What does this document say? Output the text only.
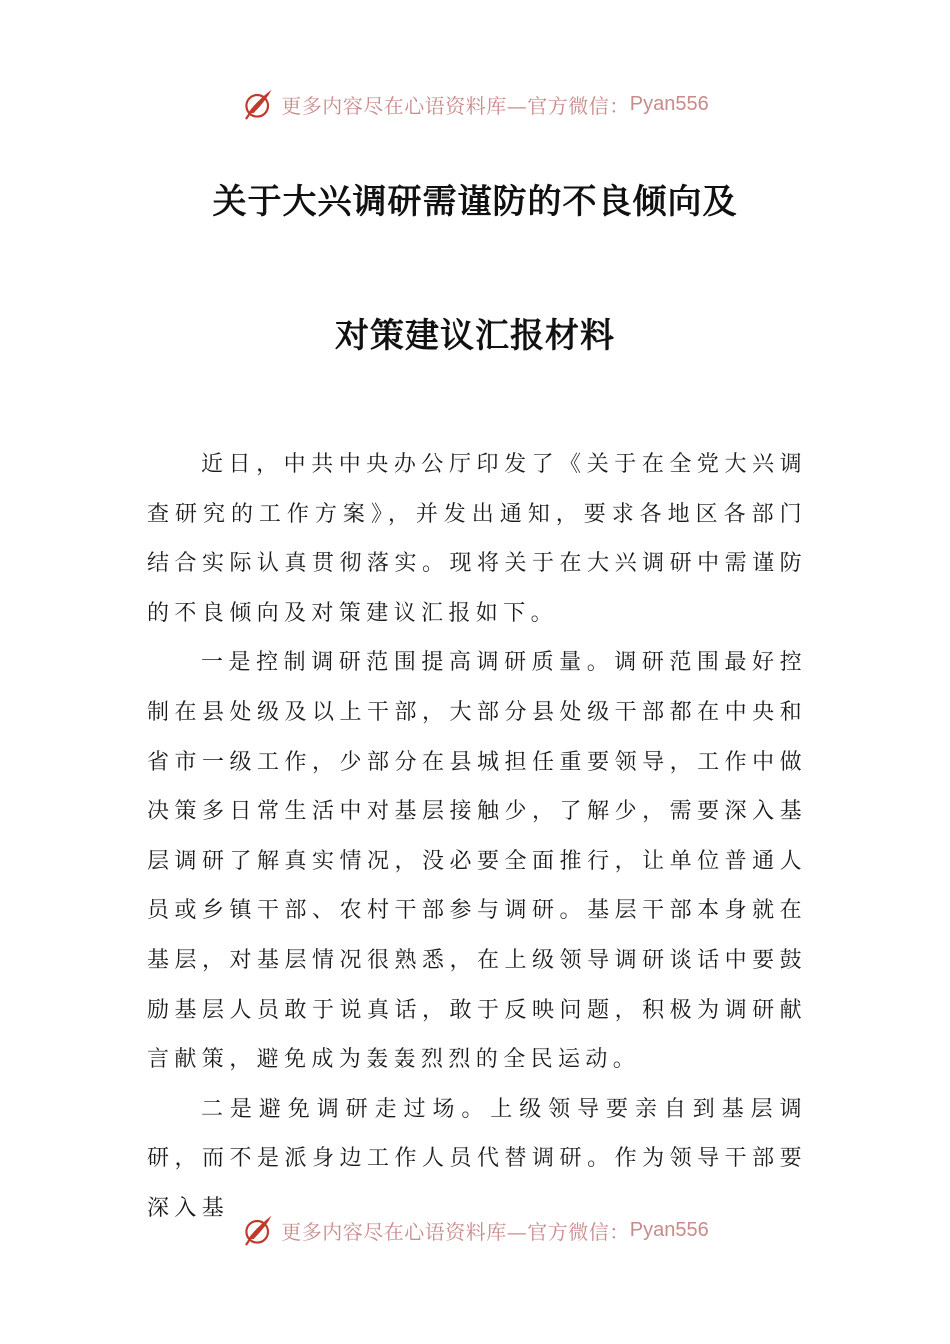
更多内容尽在心语资料库—官方微信： Pyan556
关于大兴调研需谨防的不良倾向及
对策建议汇报材料

近日，中共中央办公厅印发了《关于在全党大兴调查研究的工作方案》，并发出通知，要求各地区各部门结合实际认真贯彻落实。现将关于在大兴调研中需谨防的不良倾向及对策建议汇报如下。

一是控制调研范围提高调研质量。调研范围最好控制在县处级及以上干部，大部分县处级干部都在中央和省市一级工作，少部分在县城担任重要领导，工作中做决策多日常生活中对基层接触少，了解少，需要深入基层调研了解真实情况，没必要全面推行，让单位普通人员或乡镇干部、农村干部参与调研。基层干部本身就在基层，对基层情况很熟悉，在上级领导调研谈话中要鼓励基层人员敢于说真话，敢于反映问题，积极为调研献言献策，避免成为轰轰烈烈的全民运动。

二是避免调研走过场。上级领导要亲自到基层调研，而不是派身边工作人员代替调研。作为领导干部要深入基

更多内容尽在心语资料库—官方微信： Pyan556
